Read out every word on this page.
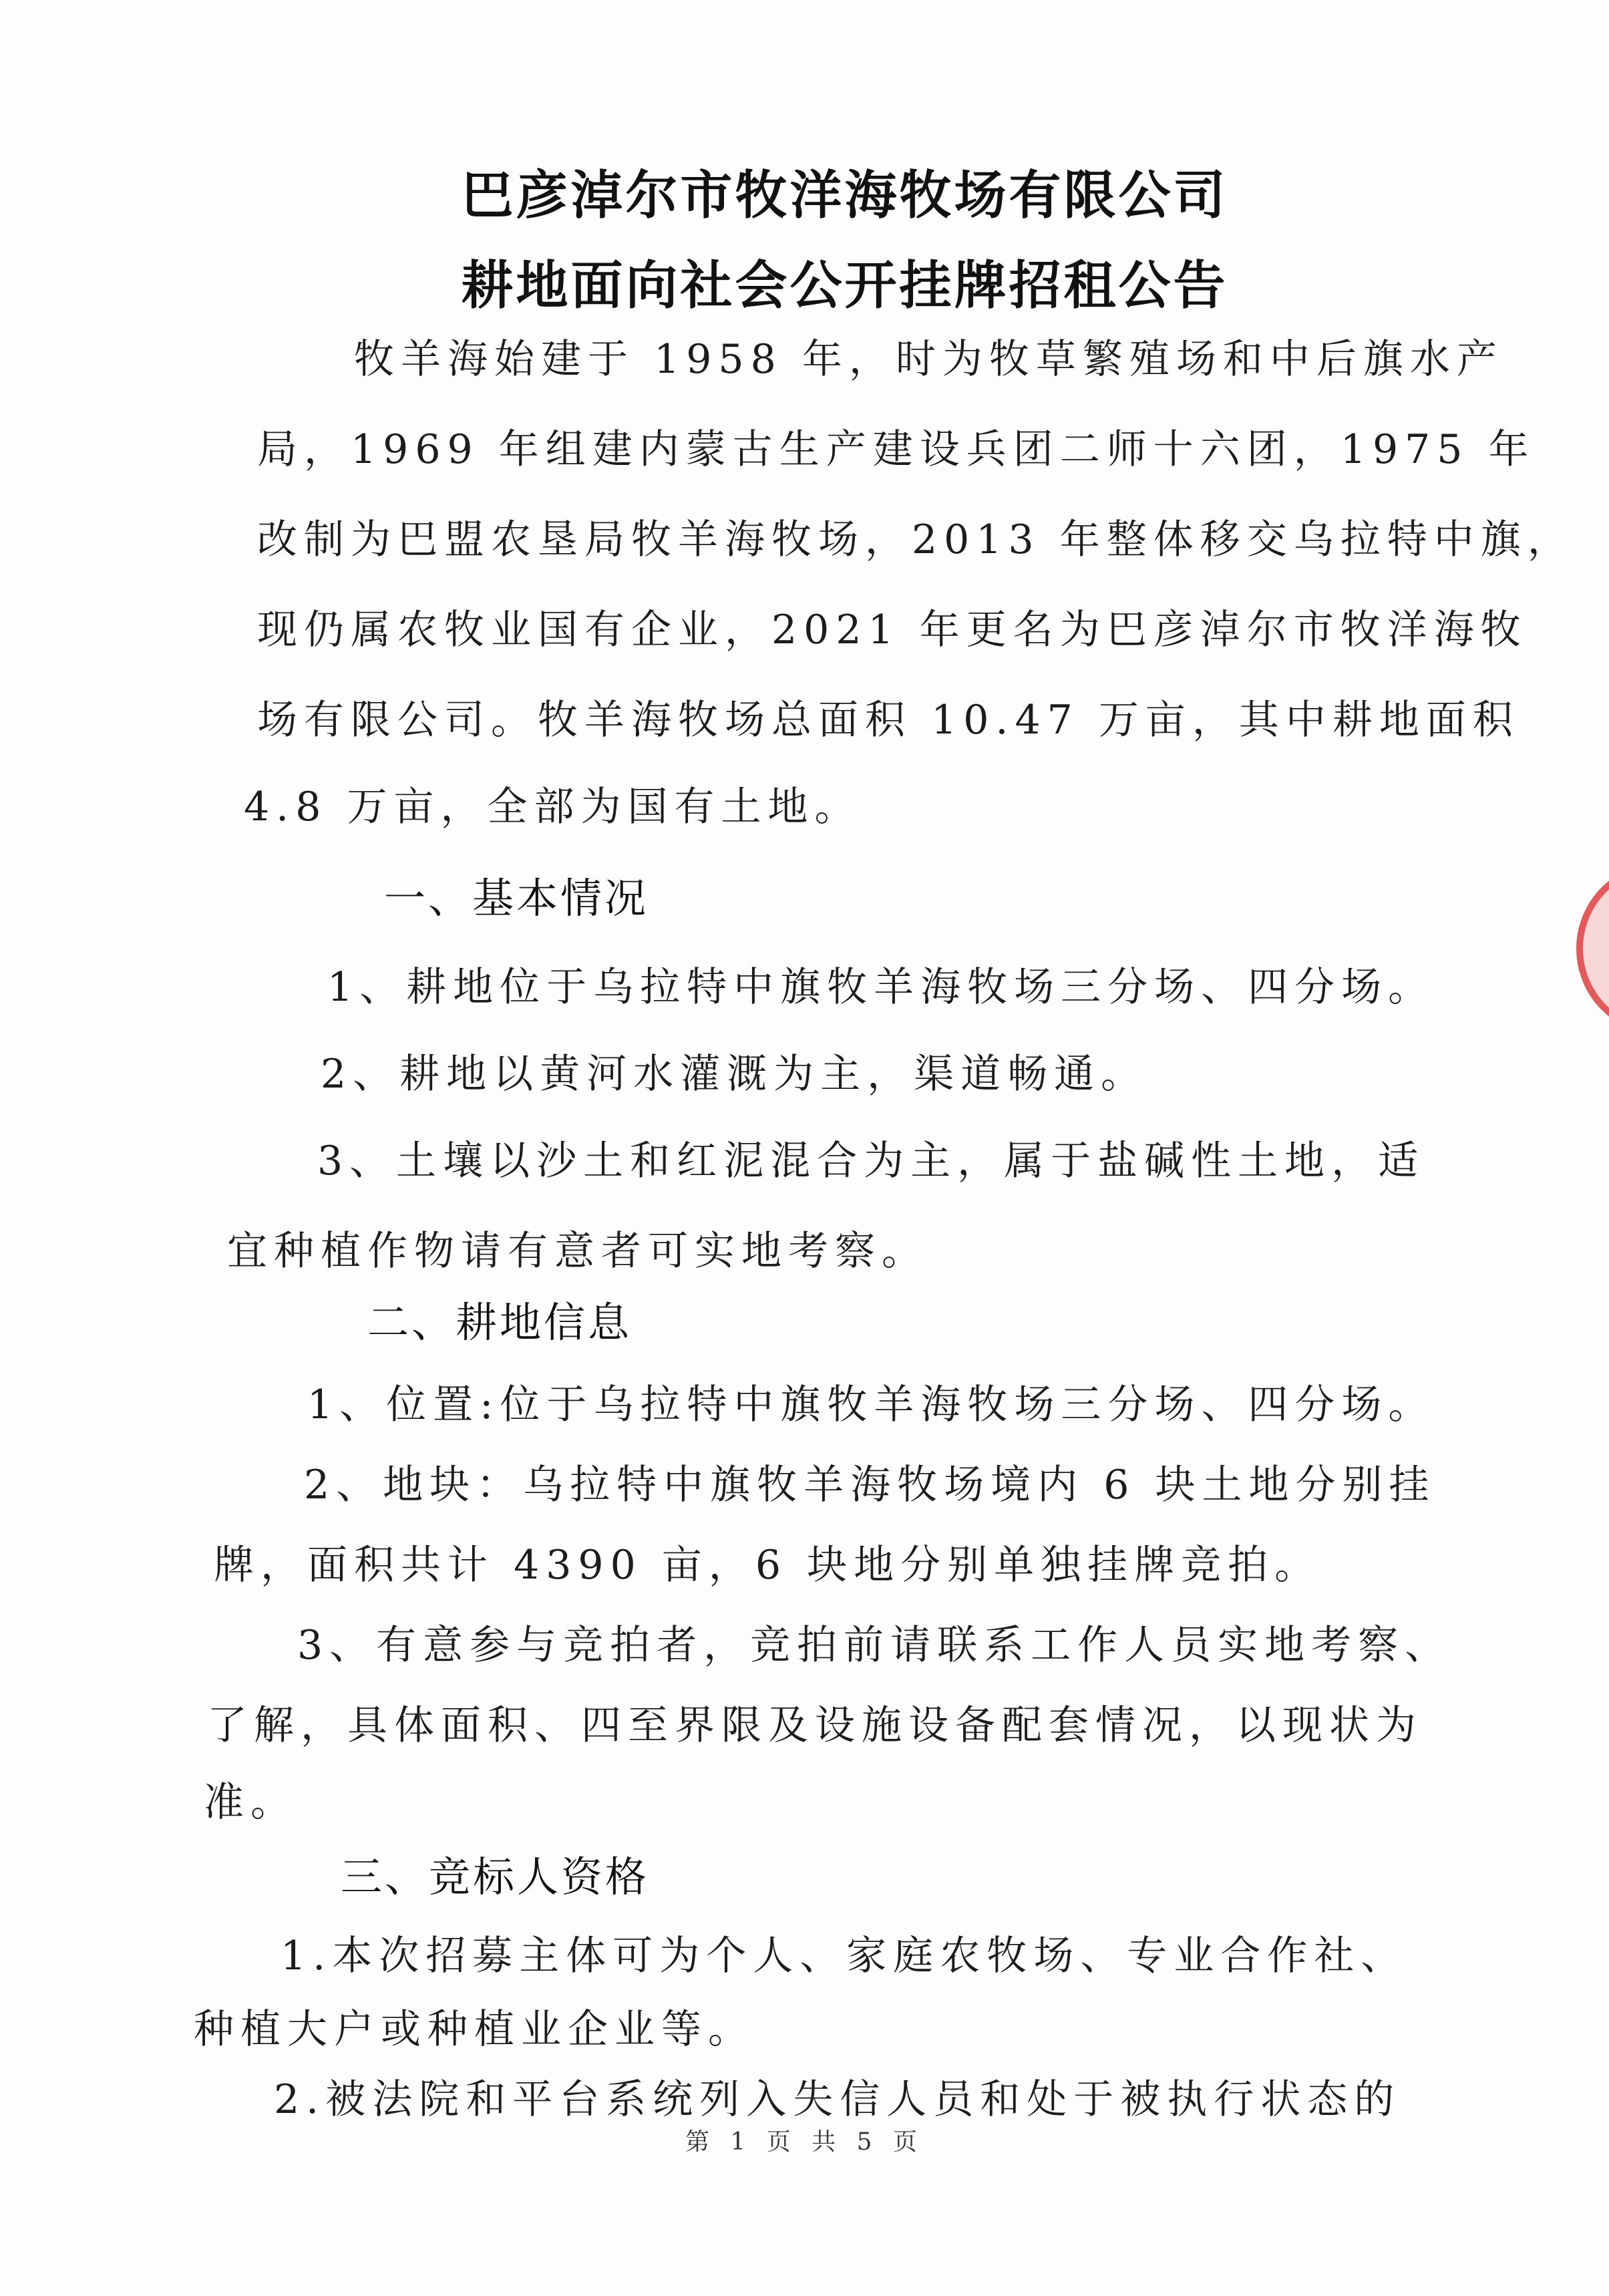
巴彦淖尔市牧洋海牧场有限公司
耕地面向社会公开挂牌招租公告
牧羊海始建于 1958 年，时为牧草繁殖场和中后旗水产
局，1969 年组建内蒙古生产建设兵团二师十六团，1975 年
改制为巴盟农垦局牧羊海牧场，2013 年整体移交乌拉特中旗，
现仍属农牧业国有企业，2021 年更名为巴彦淖尔市牧洋海牧
场有限公司。牧羊海牧场总面积 10.47 万亩，其中耕地面积
4.8 万亩，全部为国有土地。
一、基本情况
1、耕地位于乌拉特中旗牧羊海牧场三分场、四分场。
2、耕地以黄河水灌溉为主，渠道畅通。
3、土壤以沙土和红泥混合为主，属于盐碱性土地，适
宜种植作物请有意者可实地考察。
二、耕地信息
1、位置:位于乌拉特中旗牧羊海牧场三分场、四分场。
2、地块：乌拉特中旗牧羊海牧场境内 6 块土地分别挂
牌，面积共计 4390 亩，6 块地分别单独挂牌竞拍。
3、有意参与竞拍者，竞拍前请联系工作人员实地考察、
了解，具体面积、四至界限及设施设备配套情况，以现状为
准。
三、竞标人资格
1.本次招募主体可为个人、家庭农牧场、专业合作社、
第 1 页 共 5 页
种植大户或种植业企业等。
2.被法院和平台系统列入失信人员和处于被执行状态的
